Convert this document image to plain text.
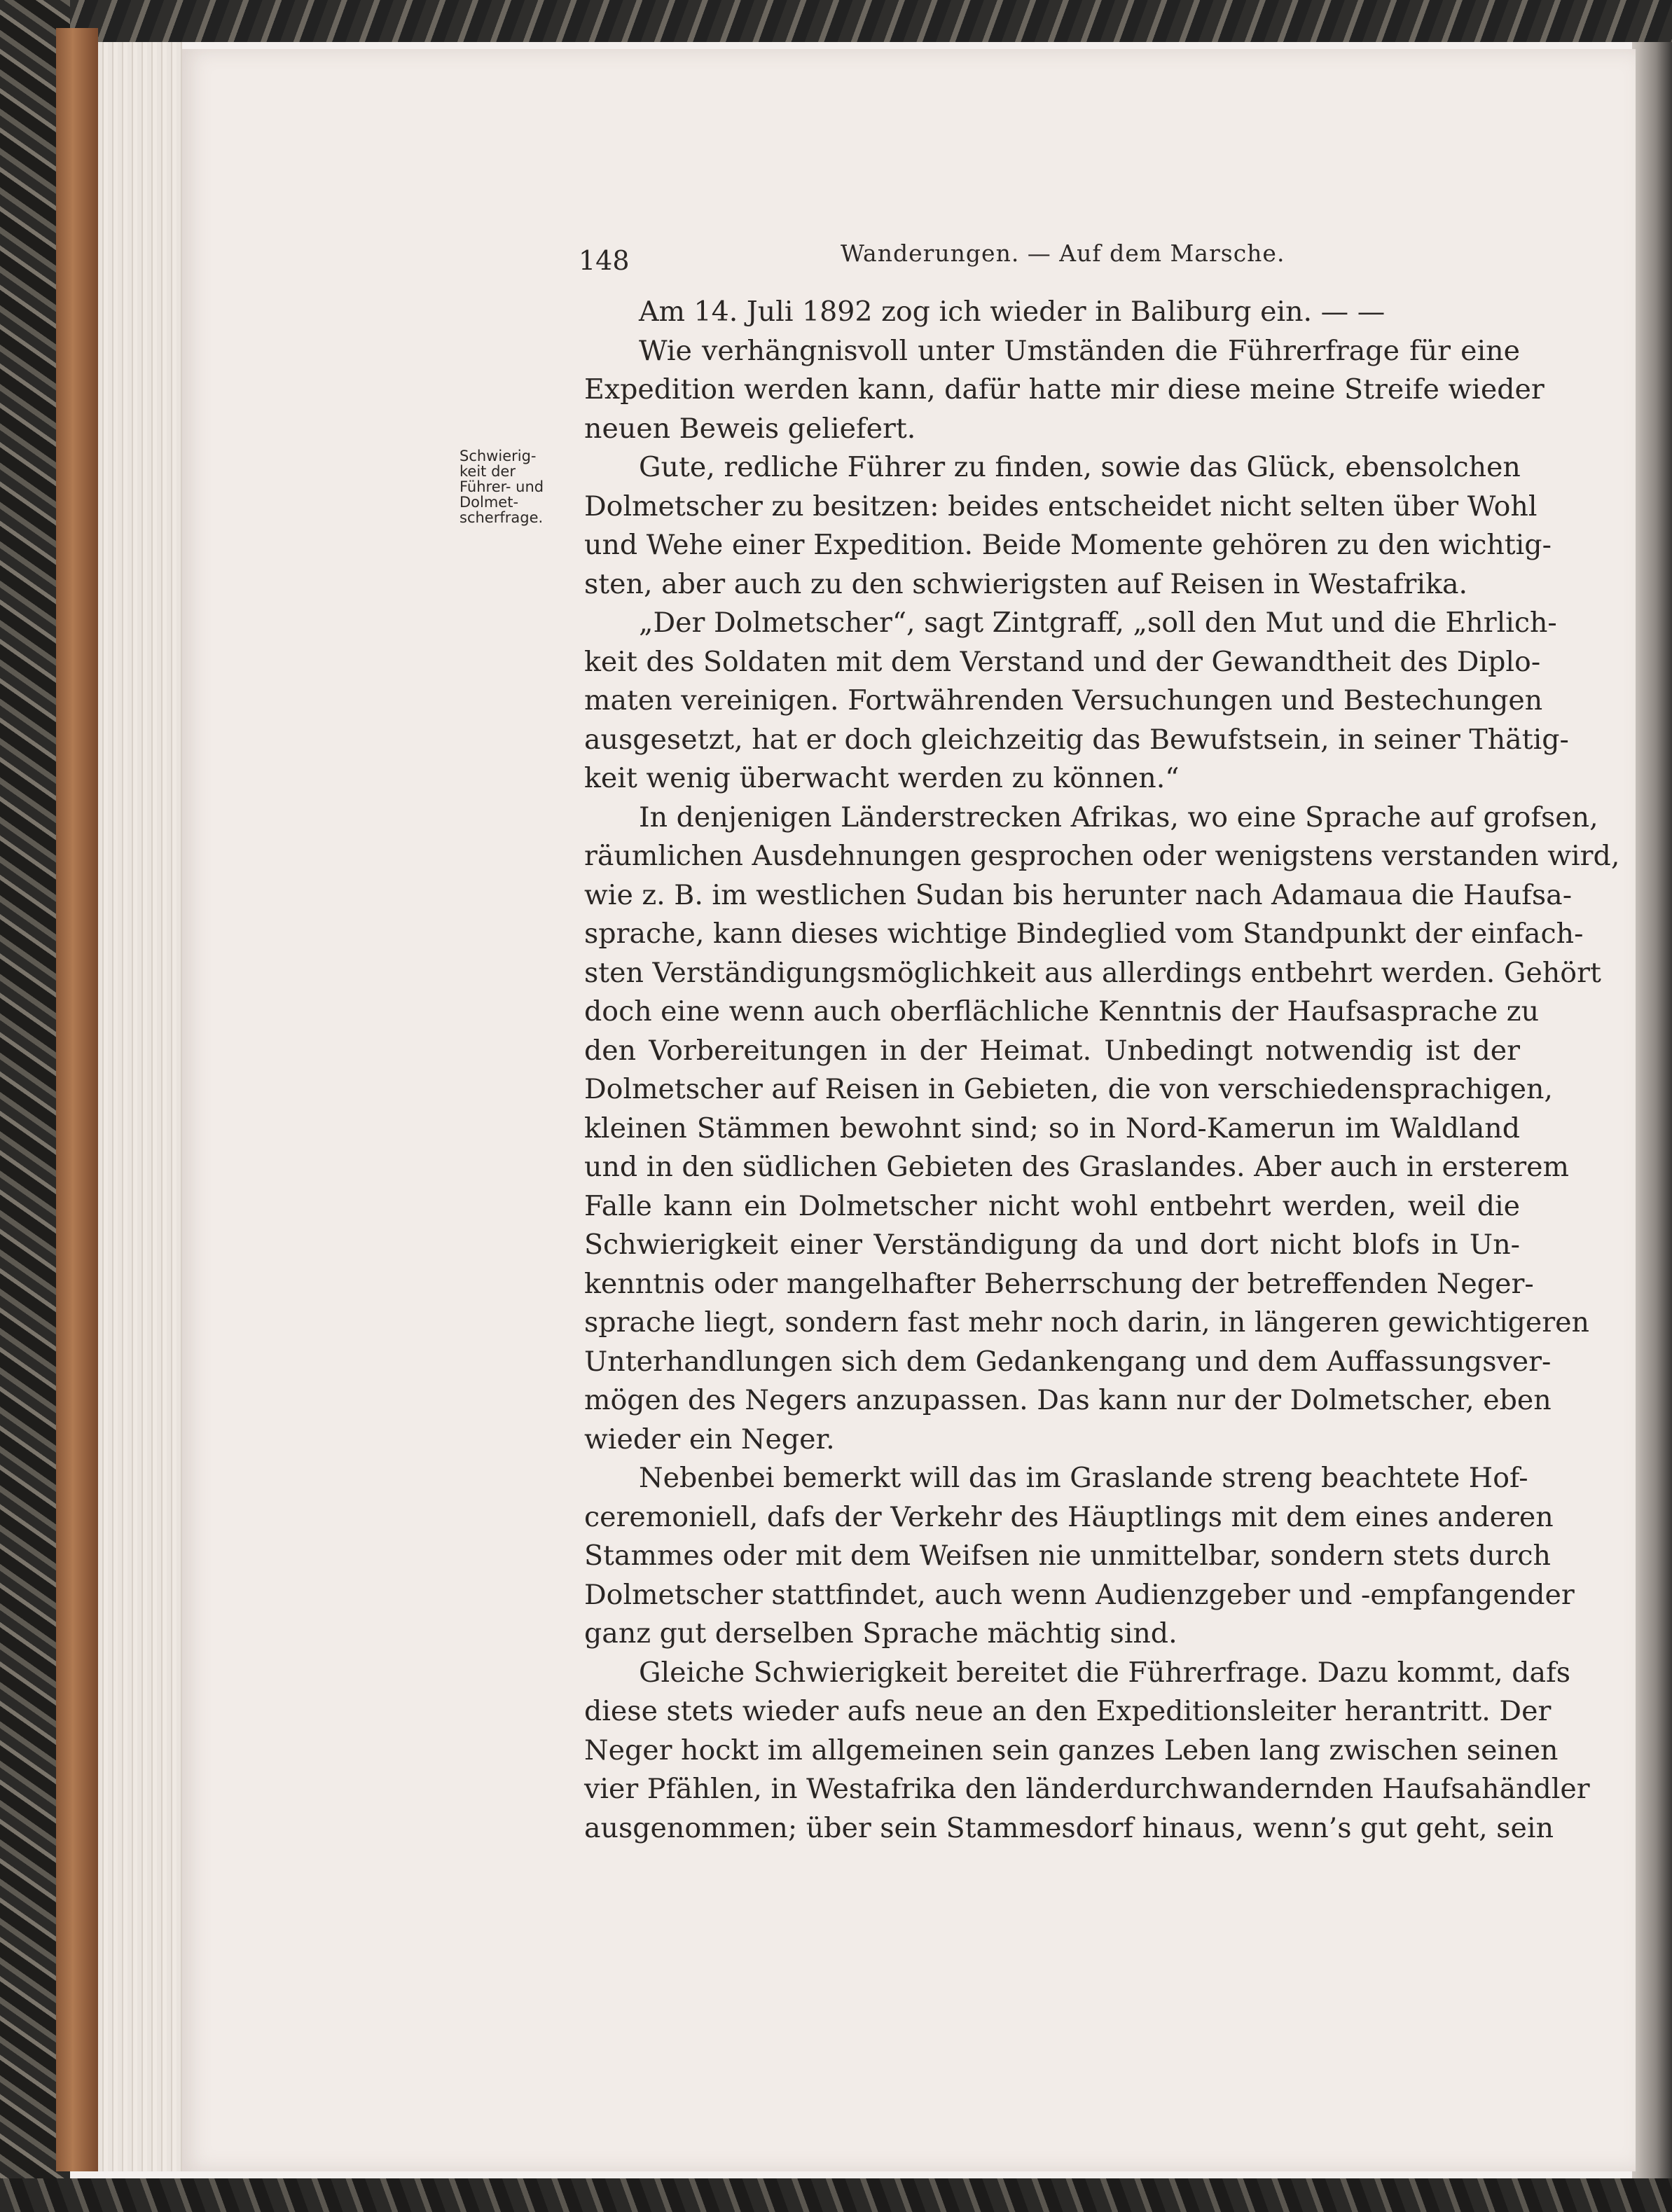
148	Wanderungen. — Auf dem Marsche.
Schwierig-
keit der
Führer- und
Dolmet-
scherfrage.
Am 14. Juli 1892 zog ich wieder in Baliburg ein. — —
Wie verhängnisvoll unter Umständen die Führerfrage für eine
Expedition werden kann, dafür hatte mir diese meine Streife wieder
neuen Beweis geliefert.
Gute, redliche Führer zu finden, sowie das Glück, ebensolchen
Dolmetscher zu besitzen: beides entscheidet nicht selten über Wohl
und Wehe einer Expedition. Beide Momente gehören zu den wichtig-
sten, aber auch zu den schwierigsten auf Reisen in Westafrika.
„Der Dolmetscher“, sagt Zintgraff, „soll den Mut und die Ehrlich-
keit des Soldaten mit dem Verstand und der Gewandtheit des Diplo-
maten vereinigen. Fortwährenden Versuchungen und Bestechungen
ausgesetzt, hat er doch gleichzeitig das Bewufstsein, in seiner Thätig-
keit wenig überwacht werden zu können.“
In denjenigen Länderstrecken Afrikas, wo eine Sprache auf grofsen,
räumlichen Ausdehnungen gesprochen oder wenigstens verstanden wird,
wie z. B. im westlichen Sudan bis herunter nach Adamaua die Haufsa-
sprache, kann dieses wichtige Bindeglied vom Standpunkt der einfach-
sten Verständigungsmöglichkeit aus allerdings entbehrt werden. Gehört
doch eine wenn auch oberflächliche Kenntnis der Haufsasprache zu
den Vorbereitungen in der Heimat. Unbedingt notwendig ist der
Dolmetscher auf Reisen in Gebieten, die von verschiedensprachigen,
kleinen Stämmen bewohnt sind; so in Nord-Kamerun im Waldland
und in den südlichen Gebieten des Graslandes. Aber auch in ersterem
Falle kann ein Dolmetscher nicht wohl entbehrt werden, weil die
Schwierigkeit einer Verständigung da und dort nicht blofs in Un-
kenntnis oder mangelhafter Beherrschung der betreffenden Neger-
sprache liegt, sondern fast mehr noch darin, in längeren gewichtigeren
Unterhandlungen sich dem Gedankengang und dem Auffassungsver-
mögen des Negers anzupassen. Das kann nur der Dolmetscher, eben
wieder ein Neger.
Nebenbei bemerkt will das im Graslande streng beachtete Hof-
ceremoniell, dafs der Verkehr des Häuptlings mit dem eines anderen
Stammes oder mit dem Weifsen nie unmittelbar, sondern stets durch
Dolmetscher stattfindet, auch wenn Audienzgeber und -empfangender
ganz gut derselben Sprache mächtig sind.
Gleiche Schwierigkeit bereitet die Führerfrage. Dazu kommt, dafs
diese stets wieder aufs neue an den Expeditionsleiter herantritt. Der
Neger hockt im allgemeinen sein ganzes Leben lang zwischen seinen
vier Pfählen, in Westafrika den länderdurchwandernden Haufsahändler
ausgenommen; über sein Stammesdorf hinaus, wenn’s gut geht, sein
